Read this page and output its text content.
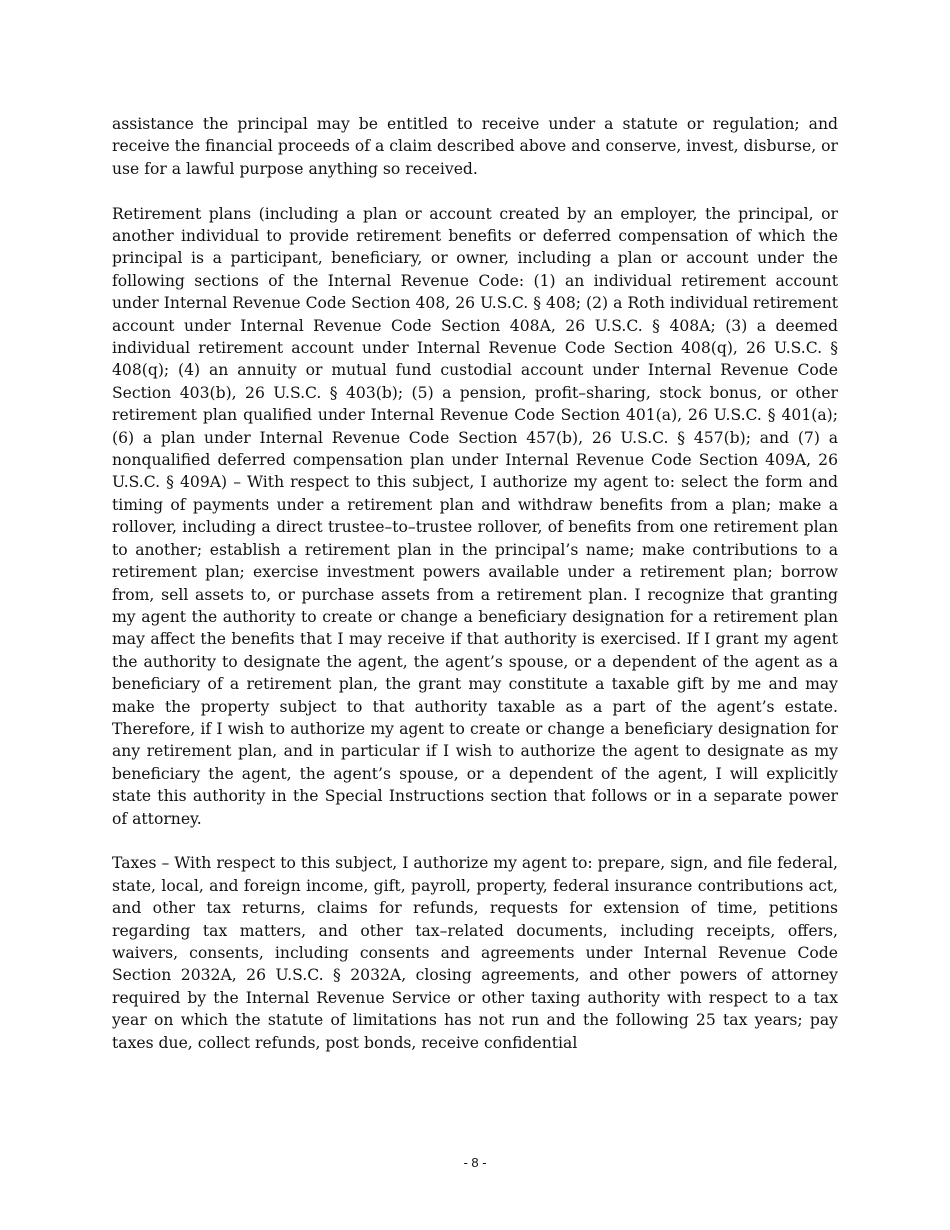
assistance the principal may be entitled to receive under a statute or regulation; and receive the financial proceeds of a claim described above and conserve, invest, disburse, or use for a lawful purpose anything so received.

Retirement plans (including a plan or account created by an employer, the principal, or another individual to provide retirement benefits or deferred compensation of which the principal is a participant, beneficiary, or owner, including a plan or account under the following sections of the Internal Revenue Code: (1) an individual retirement account under Internal Revenue Code Section 408, 26 U.S.C. § 408; (2) a Roth individual retirement account under Internal Revenue Code Section 408A, 26 U.S.C. § 408A; (3) a deemed individual retirement account under Internal Revenue Code Section 408(q), 26 U.S.C. § 408(q); (4) an annuity or mutual fund custodial account under Internal Revenue Code Section 403(b), 26 U.S.C. § 403(b); (5) a pension, profit–sharing, stock bonus, or other retirement plan qualified under Internal Revenue Code Section 401(a), 26 U.S.C. § 401(a); (6) a plan under Internal Revenue Code Section 457(b), 26 U.S.C. § 457(b); and (7) a nonqualified deferred compensation plan under Internal Revenue Code Section 409A, 26 U.S.C. § 409A) – With respect to this subject, I authorize my agent to: select the form and timing of payments under a retirement plan and withdraw benefits from a plan; make a rollover, including a direct trustee–to–trustee rollover, of benefits from one retirement plan to another; establish a retirement plan in the principal’s name; make contributions to a retirement plan; exercise investment powers available under a retirement plan; borrow from, sell assets to, or purchase assets from a retirement plan. I recognize that granting my agent the authority to create or change a beneficiary designation for a retirement plan may affect the benefits that I may receive if that authority is exercised. If I grant my agent the authority to designate the agent, the agent’s spouse, or a dependent of the agent as a beneficiary of a retirement plan, the grant may constitute a taxable gift by me and may make the property subject to that authority taxable as a part of the agent’s estate. Therefore, if I wish to authorize my agent to create or change a beneficiary designation for any retirement plan, and in particular if I wish to authorize the agent to designate as my beneficiary the agent, the agent’s spouse, or a dependent of the agent, I will explicitly state this authority in the Special Instructions section that follows or in a separate power of attorney.

Taxes – With respect to this subject, I authorize my agent to: prepare, sign, and file federal, state, local, and foreign income, gift, payroll, property, federal insurance contributions act, and other tax returns, claims for refunds, requests for extension of time, petitions regarding tax matters, and other tax–related documents, including receipts, offers, waivers, consents, including consents and agreements under Internal Revenue Code Section 2032A, 26 U.S.C. § 2032A, closing agreements, and other powers of attorney required by the Internal Revenue Service or other taxing authority with respect to a tax year on which the statute of limitations has not run and the following 25 tax years; pay taxes due, collect refunds, post bonds, receive confidential

- 8 -
